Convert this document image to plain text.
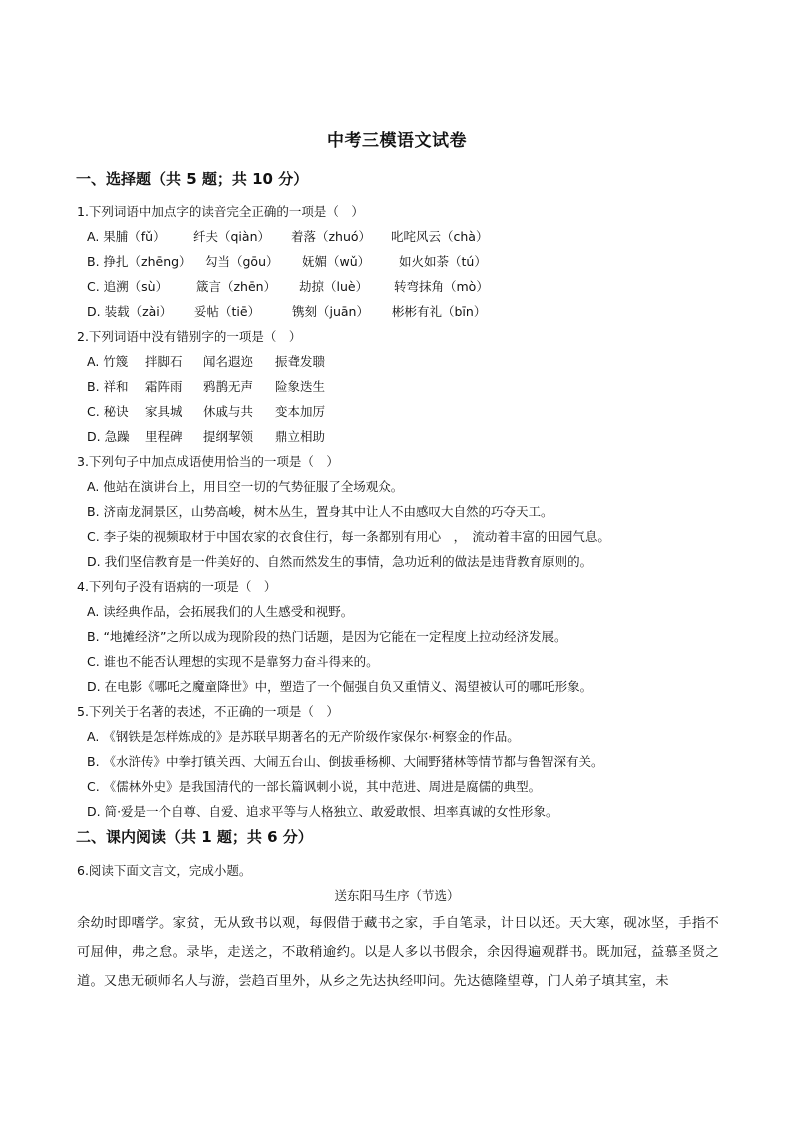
中考三模语文试卷
一、选择题（共 5 题；共 10 分）
1.下列词语中加点字的读音完全正确的一项是（　）
A. 果脯（fǔ） 纤夫（qiàn） 着落（zhuó） 叱咤风云（chà）
B. 挣扎（zhēng） 勾当（gōu） 妩媚（wǔ） 如火如荼（tú）
C. 追溯（sù） 箴言（zhēn） 劫掠（luè） 转弯抹角（mò）
D. 装载（zài） 妥帖（tiē）	镌刻（juān） 彬彬有礼（bīn）
2.下列词语中没有错别字的一项是（　）
A. 竹篾 拌脚石 闻名遐迩 振聋发聩
B. 祥和 霜阵雨 鸦鹊无声 险象迭生
C. 秘诀 家具城 休戚与共 变本加厉
D. 急躁 里程碑 提纲挈领 鼎立相助
3.下列句子中加点成语使用恰当的一项是（　）
A. 他站在演讲台上，用目空一切的气势征服了全场观众。
B. 济南龙洞景区，山势高峻，树木丛生，置身其中让人不由感叹大自然的巧夺天工。
C. 李子柒的视频取材于中国农家的衣食住行，每一条都别有用心　，　流动着丰富的田园气息。
D. 我们坚信教育是一件美好的、自然而然发生的事情，急功近利的做法是违背教育原则的。
4.下列句子没有语病的一项是（　）
A. 读经典作品，会拓展我们的人生感受和视野。
B. “地摊经济”之所以成为现阶段的热门话题，是因为它能在一定程度上拉动经济发展。
C. 谁也不能否认理想的实现不是靠努力奋斗得来的。
D. 在电影《哪吒之魔童降世》中，塑造了一个倔强自负又重情义、渴望被认可的哪吒形象。
5.下列关于名著的表述，不正确的一项是（　）
A. 《钢铁是怎样炼成的》是苏联早期著名的无产阶级作家保尔·柯察金的作品。
B. 《水浒传》中拳打镇关西、大闹五台山、倒拔垂杨柳、大闹野猪林等情节都与鲁智深有关。
C. 《儒林外史》是我国清代的一部长篇讽刺小说，其中范进、周进是腐儒的典型。
D. 简·爱是一个自尊、自爱、追求平等与人格独立、敢爱敢恨、坦率真诚的女性形象。
二、课内阅读（共 1 题；共 6 分）
6.阅读下面文言文，完成小题。
送东阳马生序（节选）
余幼时即嗜学。家贫，无从致书以观，每假借于藏书之家，手自笔录，计日以还。天大寒，砚冰坚，手指不可屈伸，弗之怠。录毕，走送之，不敢稍逾约。以是人多以书假余，余因得遍观群书。既加冠，益慕圣贤之道。又患无硕师名人与游，尝趋百里外，从乡之先达执经叩问。先达德隆望尊，门人弟子填其室，未
